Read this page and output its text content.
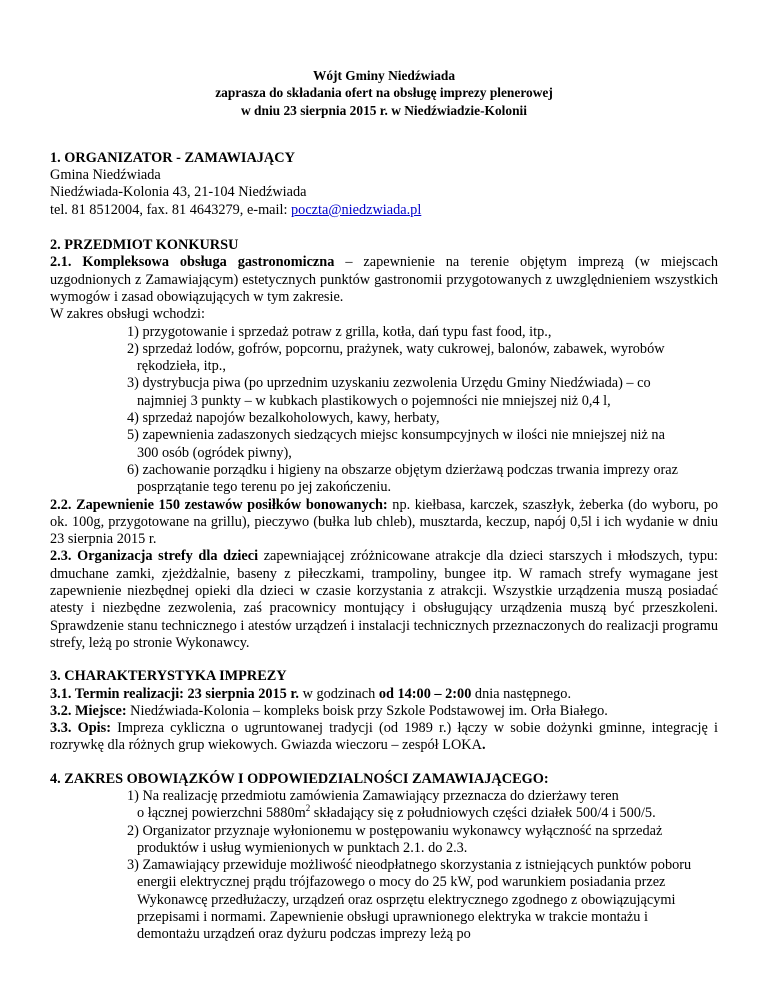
Wójt Gminy Niedźwiada
zaprasza do składania ofert na obsługę imprezy plenerowej
w dniu 23 sierpnia 2015 r. w Niedźwiadzie-Kolonii
1. ORGANIZATOR - ZAMAWIAJĄCY
Gmina Niedźwiada
Niedźwiada-Kolonia 43, 21-104 Niedźwiada
tel. 81 8512004, fax. 81 4643279, e-mail: poczta@niedzwiada.pl
2. PRZEDMIOT KONKURSU

2.1. Kompleksowa obsługa gastronomiczna – zapewnienie na terenie objętym imprezą (w miejscach uzgodnionych z Zamawiającym) estetycznych punktów gastronomii przygotowanych z uwzględnieniem wszystkich wymogów i zasad obowiązujących w tym zakresie.

W zakres obsługi wchodzi:
1) przygotowanie i sprzedaż potraw z grilla, kotła, dań typu fast food, itp.,
2) sprzedaż lodów, gofrów, popcornu, prażynek, waty cukrowej, balonów, zabawek, wyrobów rękodzieła, itp.,
3) dystrybucja piwa (po uprzednim uzyskaniu zezwolenia Urzędu Gminy Niedźwiada) – co najmniej 3 punkty – w kubkach plastikowych o pojemności nie mniejszej niż 0,4 l,
4) sprzedaż napojów bezalkoholowych, kawy, herbaty,
5) zapewnienia zadaszonych siedzących miejsc konsumpcyjnych w ilości nie mniejszej niż na 300 osób (ogródek piwny),
6) zachowanie porządku i higieny na obszarze objętym dzierżawą podczas trwania imprezy oraz posprzątanie tego terenu po jej zakończeniu.

2.2. Zapewnienie 150 zestawów posiłków bonowanych: np. kiełbasa, karczek, szaszłyk, żeberka (do wyboru, po ok. 100g, przygotowane na grillu), pieczywo (bułka lub chleb), musztarda, keczup, napój 0,5l i ich wydanie w dniu 23 sierpnia 2015 r.

2.3. Organizacja strefy dla dzieci zapewniającej zróżnicowane atrakcje dla dzieci starszych i młodszych, typu: dmuchane zamki, zjeżdżalnie, baseny z piłeczkami, trampoliny, bungee itp. W ramach strefy wymagane jest zapewnienie niezbędnej opieki dla dzieci w czasie korzystania z atrakcji. Wszystkie urządzenia muszą posiadać atesty i niezbędne zezwolenia, zaś pracownicy montujący i obsługujący urządzenia muszą być przeszkoleni. Sprawdzenie stanu technicznego i atestów urządzeń i instalacji technicznych przeznaczonych do realizacji programu strefy, leżą po stronie Wykonawcy.

3. CHARAKTERYSTYKA IMPREZY

3.1. Termin realizacji: 23 sierpnia 2015 r. w godzinach od 14:00 – 2:00 dnia następnego.

3.2. Miejsce: Niedźwiada-Kolonia – kompleks boisk przy Szkole Podstawowej im. Orła Białego.

3.3. Opis: Impreza cykliczna o ugruntowanej tradycji (od 1989 r.) łączy w sobie dożynki gminne, integrację i rozrywkę dla różnych grup wiekowych. Gwiazda wieczoru – zespół LOKA.

4. ZAKRES OBOWIĄZKÓW I ODPOWIEDZIALNOŚCI ZAMAWIAJĄCEGO:
1) Na realizację przedmiotu zamówienia Zamawiający przeznacza do dzierżawy teren
o łącznej powierzchni $5880m^2$ składający się z południowych części działek 500/4 i 500/5.
2) Organizator przyznaje wyłonionemu w postępowaniu wykonawcy wyłączność na sprzedaż produktów i usług wymienionych w punktach 2.1. do 2.3.
3) Zamawiający przewiduje możliwość nieodpłatnego skorzystania z istniejących punktów poboru energii elektrycznej prądu trójfazowego o mocy do 25 kW, pod warunkiem posiadania przez Wykonawcę przedłużaczy, urządzeń oraz osprzętu elektrycznego zgodnego z obowiązującymi przepisami i normami. Zapewnienie obsługi uprawnionego elektryka w trakcie montażu i demontażu urządzeń oraz dyżuru podczas imprezy leżą po
